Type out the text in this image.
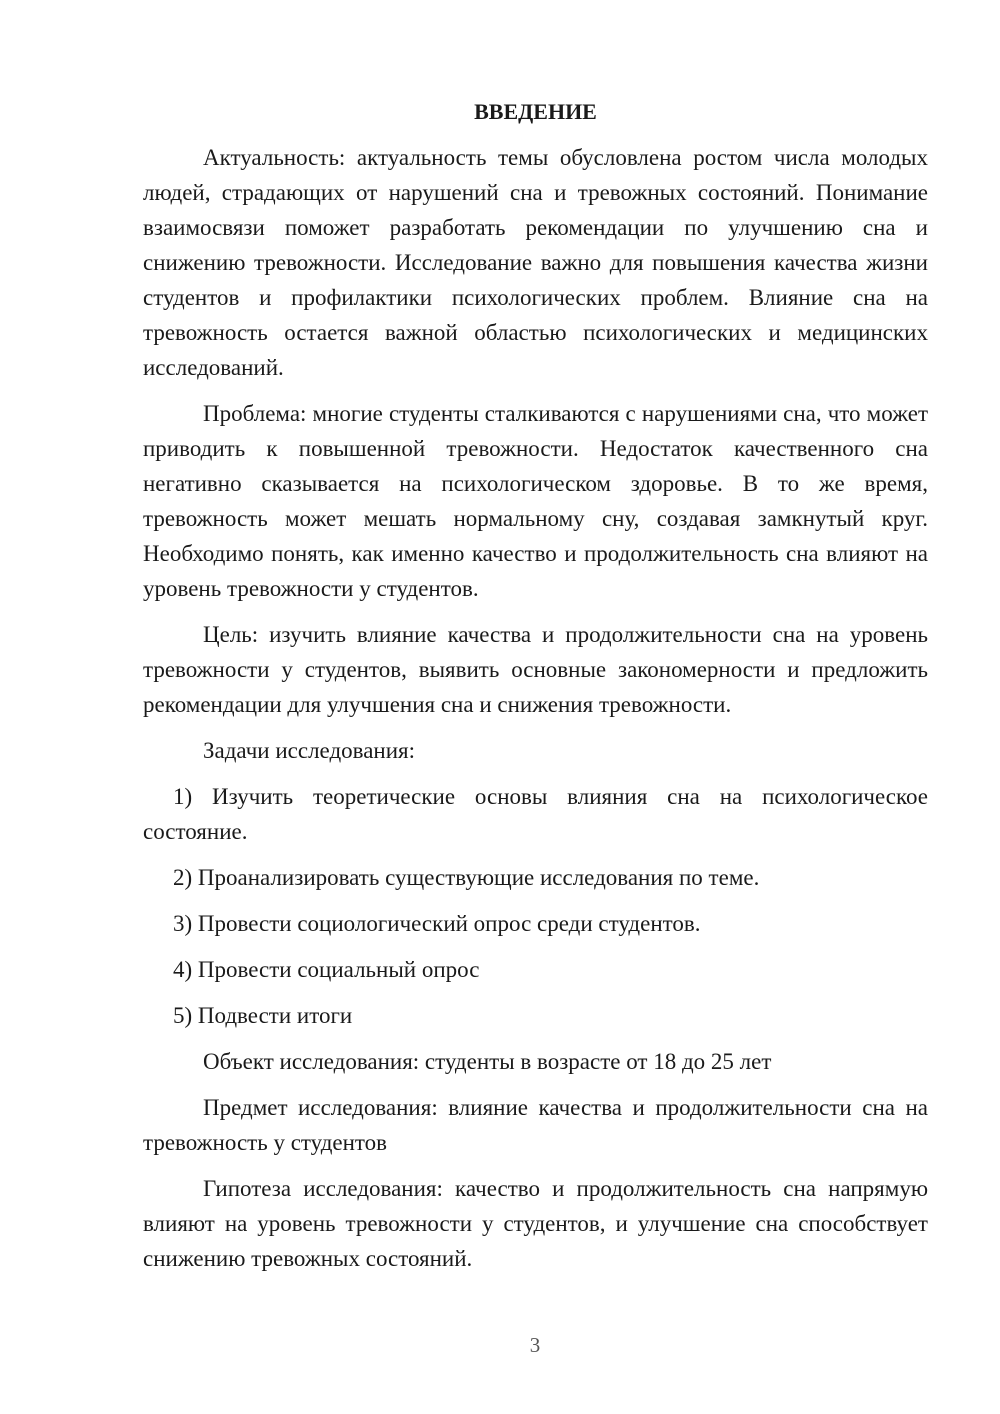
ВВЕДЕНИЕ

Актуальность: актуальность темы обусловлена ростом числа молодых людей, страдающих от нарушений сна и тревожных состояний. Понимание взаимосвязи поможет разработать рекомендации по улучшению сна и снижению тревожности. Исследование важно для повышения качества жизни студентов и профилактики психологических проблем. Влияние сна на тревожность остается важной областью психологических и медицинских исследований.

Проблема: многие студенты сталкиваются с нарушениями сна, что может приводить к повышенной тревожности. Недостаток качественного сна негативно сказывается на психологическом здоровье. В то же время, тревожность может мешать нормальному сну, создавая замкнутый круг. Необходимо понять, как именно качество и продолжительность сна влияют на уровень тревожности у студентов.

Цель: изучить влияние качества и продолжительности сна на уровень тревожности у студентов, выявить основные закономерности и предложить рекомендации для улучшения сна и снижения тревожности.

Задачи исследования:

1) Изучить теоретические основы влияния сна на психологическое состояние.

2) Проанализировать существующие исследования по теме.

3) Провести социологический опрос среди студентов.

4) Провести социальный опрос

5) Подвести итоги

Объект исследования: студенты в возрасте от 18 до 25 лет

Предмет исследования: влияние качества и продолжительности сна на тревожность у студентов

Гипотеза исследования: качество и продолжительность сна напрямую влияют на уровень тревожности у студентов, и улучшение сна способствует снижению тревожных состояний.

3
